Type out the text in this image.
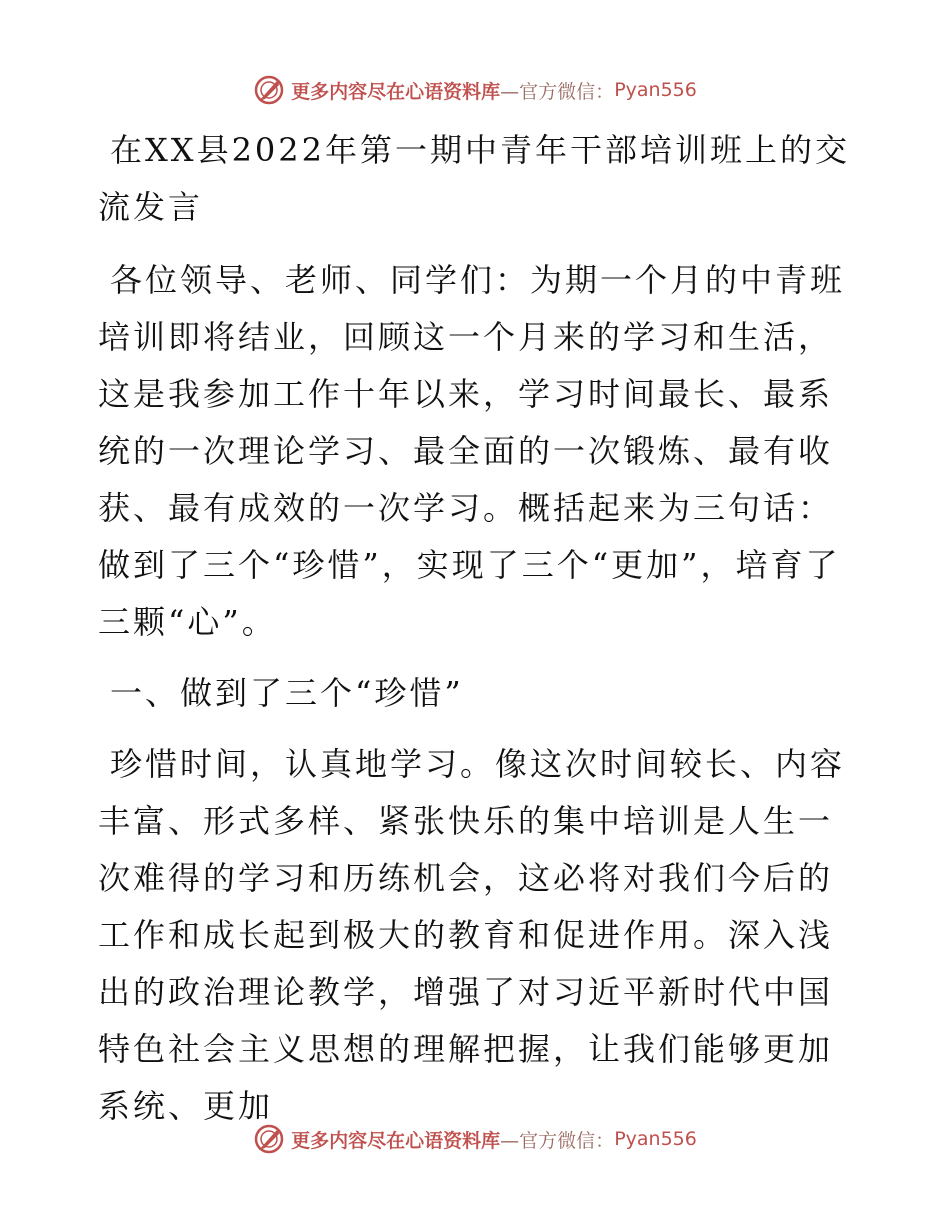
更多内容尽在心语资料库 —官方微信： Pyan556

在XX县2022年第一期中青年干部培训班上的交流发言

各位领导、老师、同学们：为期一个月的中青班培训即将结业，回顾这一个月来的学习和生活，这是我参加工作十年以来，学习时间最长、最系统的一次理论学习、最全面的一次锻炼、最有收获、最有成效的一次学习。概括起来为三句话：做到了三个“珍惜”，实现了三个“更加”，培育了三颗“心”。

一、做到了三个“珍惜”

珍惜时间，认真地学习。像这次时间较长、内容丰富、形式多样、紧张快乐的集中培训是人生一次难得的学习和历练机会，这必将对我们今后的工作和成长起到极大的教育和促进作用。深入浅出的政治理论教学，增强了对习近平新时代中国特色社会主义思想的理解把握，让我们能够更加系统、更加

更多内容尽在心语资料库 —官方微信： Pyan556
